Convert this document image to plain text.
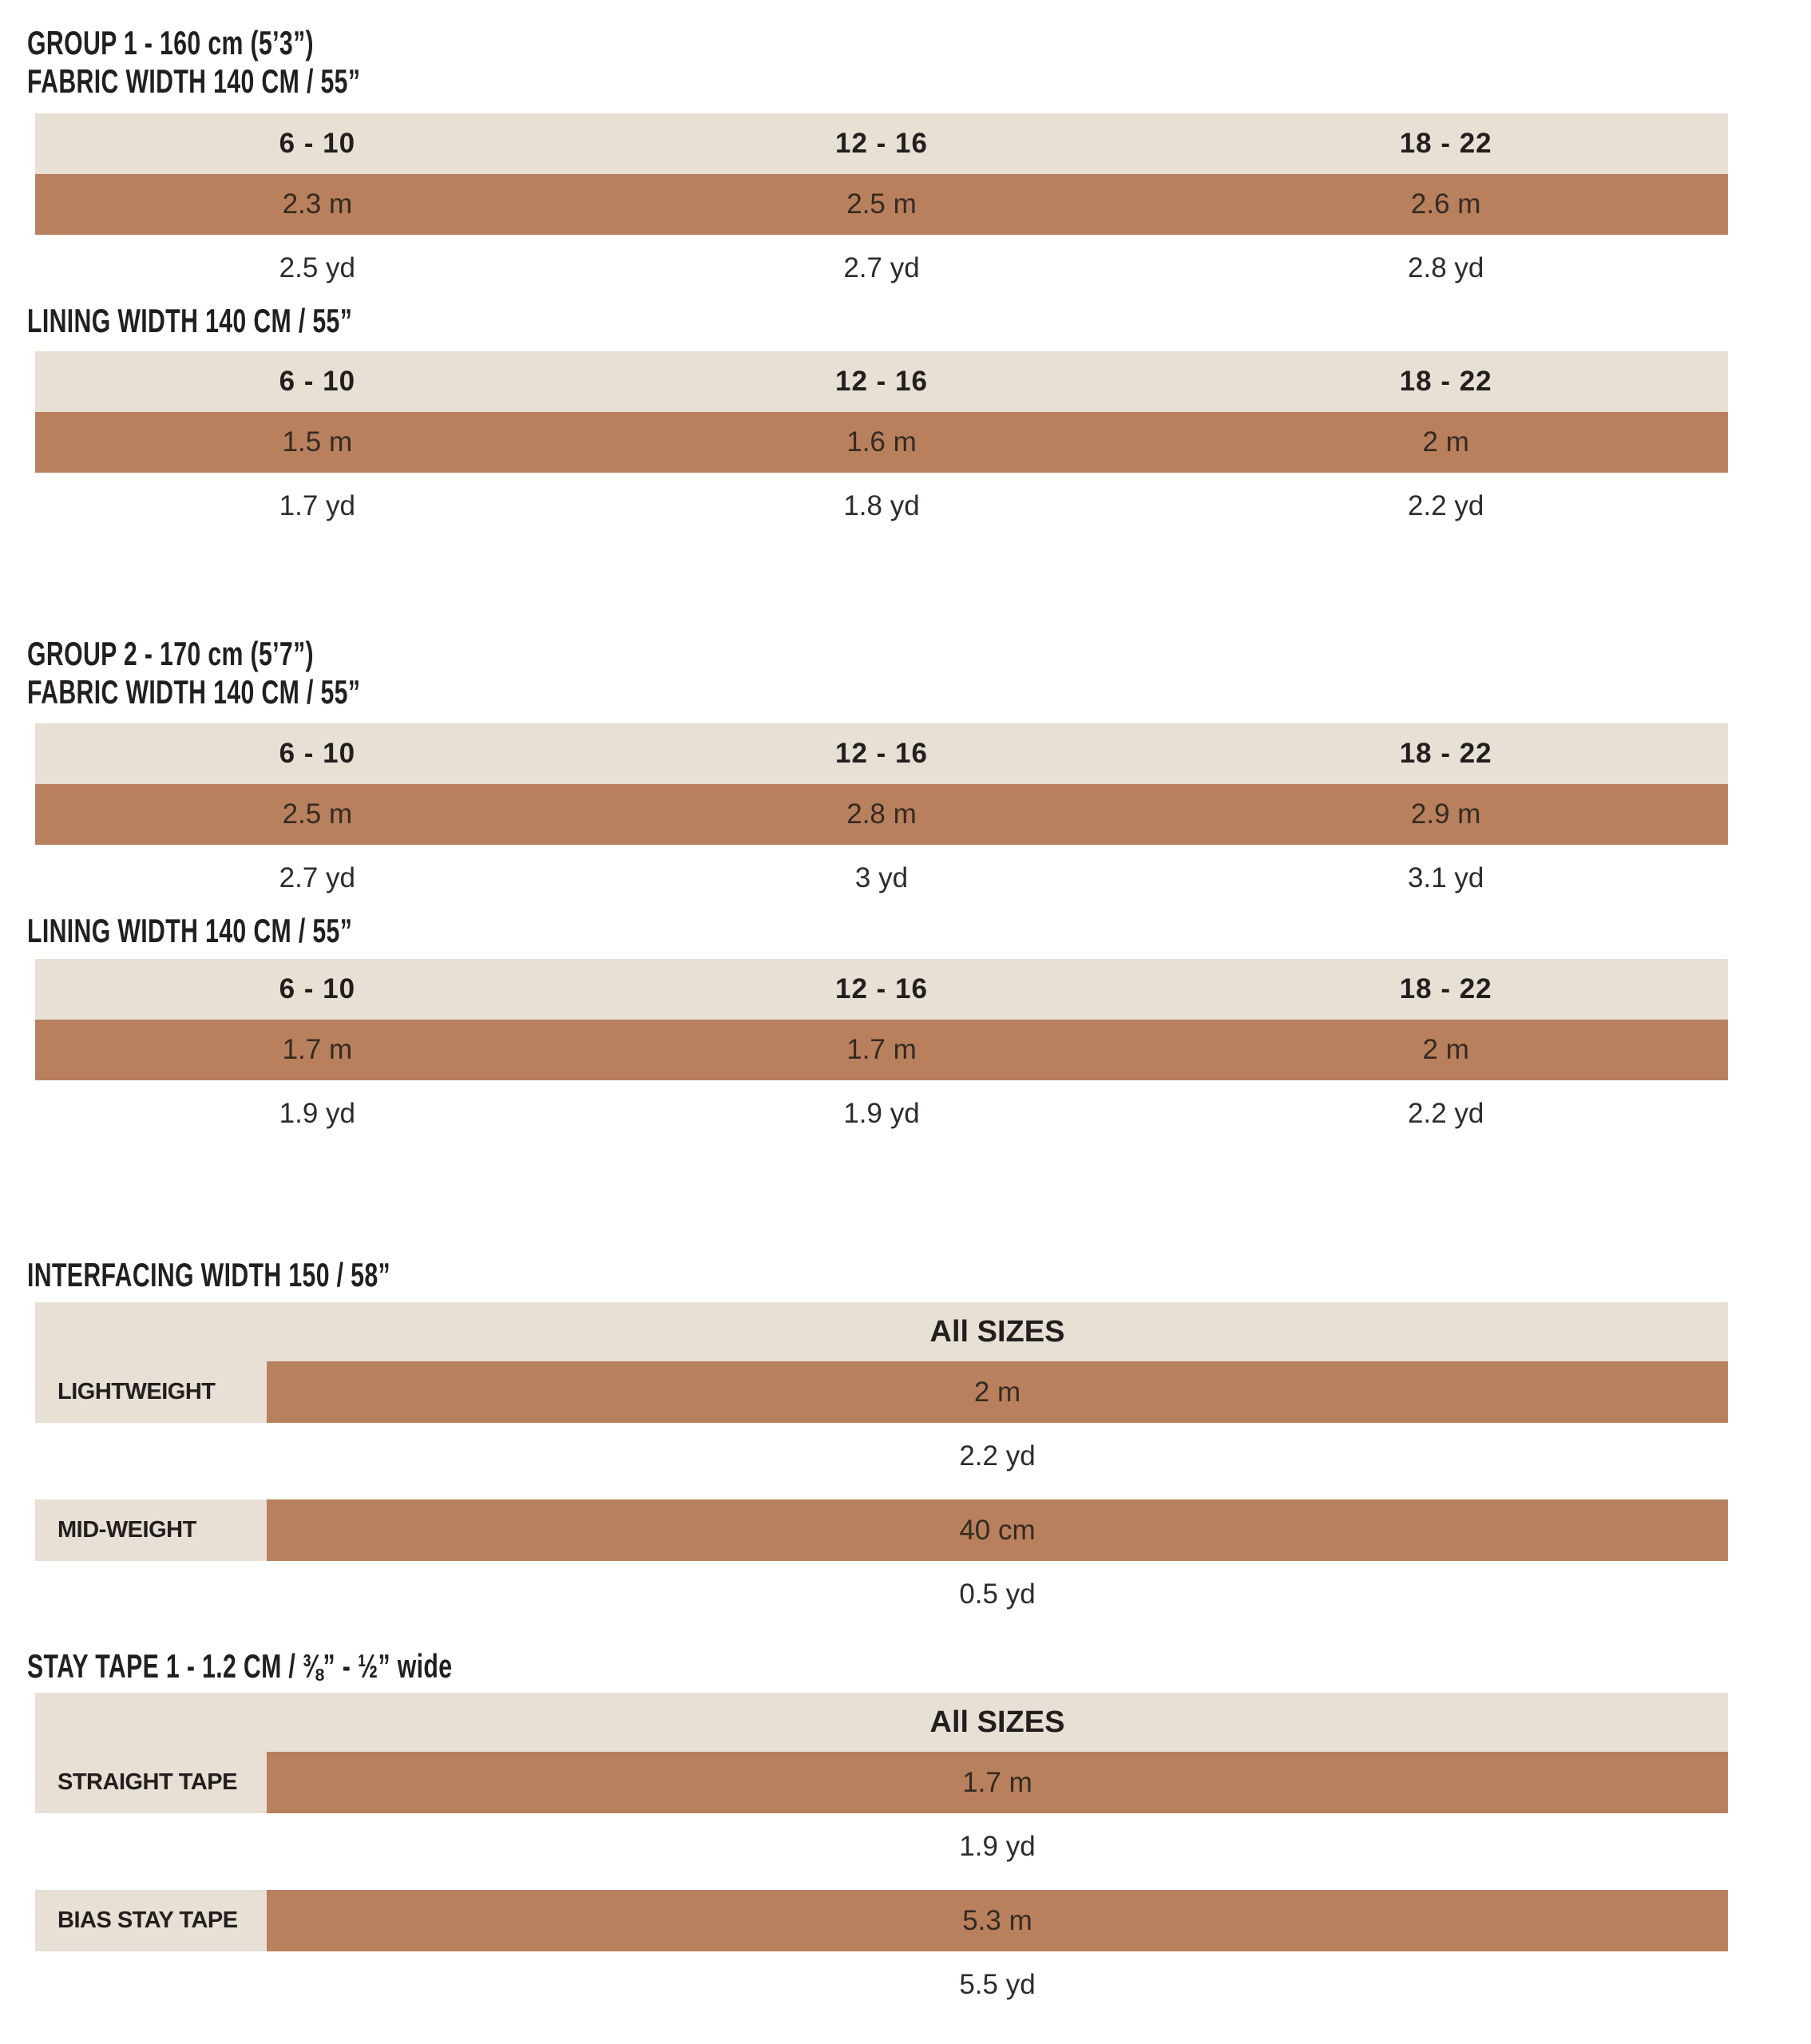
GROUP 1 - 160 cm (5’3”)
FABRIC WIDTH 140 CM / 55”
6 - 10	12 - 16	18 - 22
2.3 m	2.5 m	2.6 m
2.5 yd	2.7 yd	2.8 yd
LINING WIDTH 140 CM / 55”
6 - 10	12 - 16	18 - 22
1.5 m	1.6 m	2 m
1.7 yd	1.8 yd	2.2 yd
GROUP 2 - 170 cm (5’7”)
FABRIC WIDTH 140 CM / 55”
6 - 10	12 - 16	18 - 22
2.5 m	2.8 m	2.9 m
2.7 yd	3 yd	3.1 yd
LINING WIDTH 140 CM / 55”
6 - 10	12 - 16	18 - 22
1.7 m	1.7 m	2 m
1.9 yd	1.9 yd	2.2 yd
INTERFACING WIDTH 150 / 58”
All SIZES
LIGHTWEIGHT	2 m
2.2 yd
MID-WEIGHT	40 cm
0.5 yd
STAY TAPE 1 - 1.2 CM / ⅜” - ½” wide
All SIZES
STRAIGHT TAPE	1.7 m
1.9 yd
BIAS STAY TAPE	5.3 m
5.5 yd
